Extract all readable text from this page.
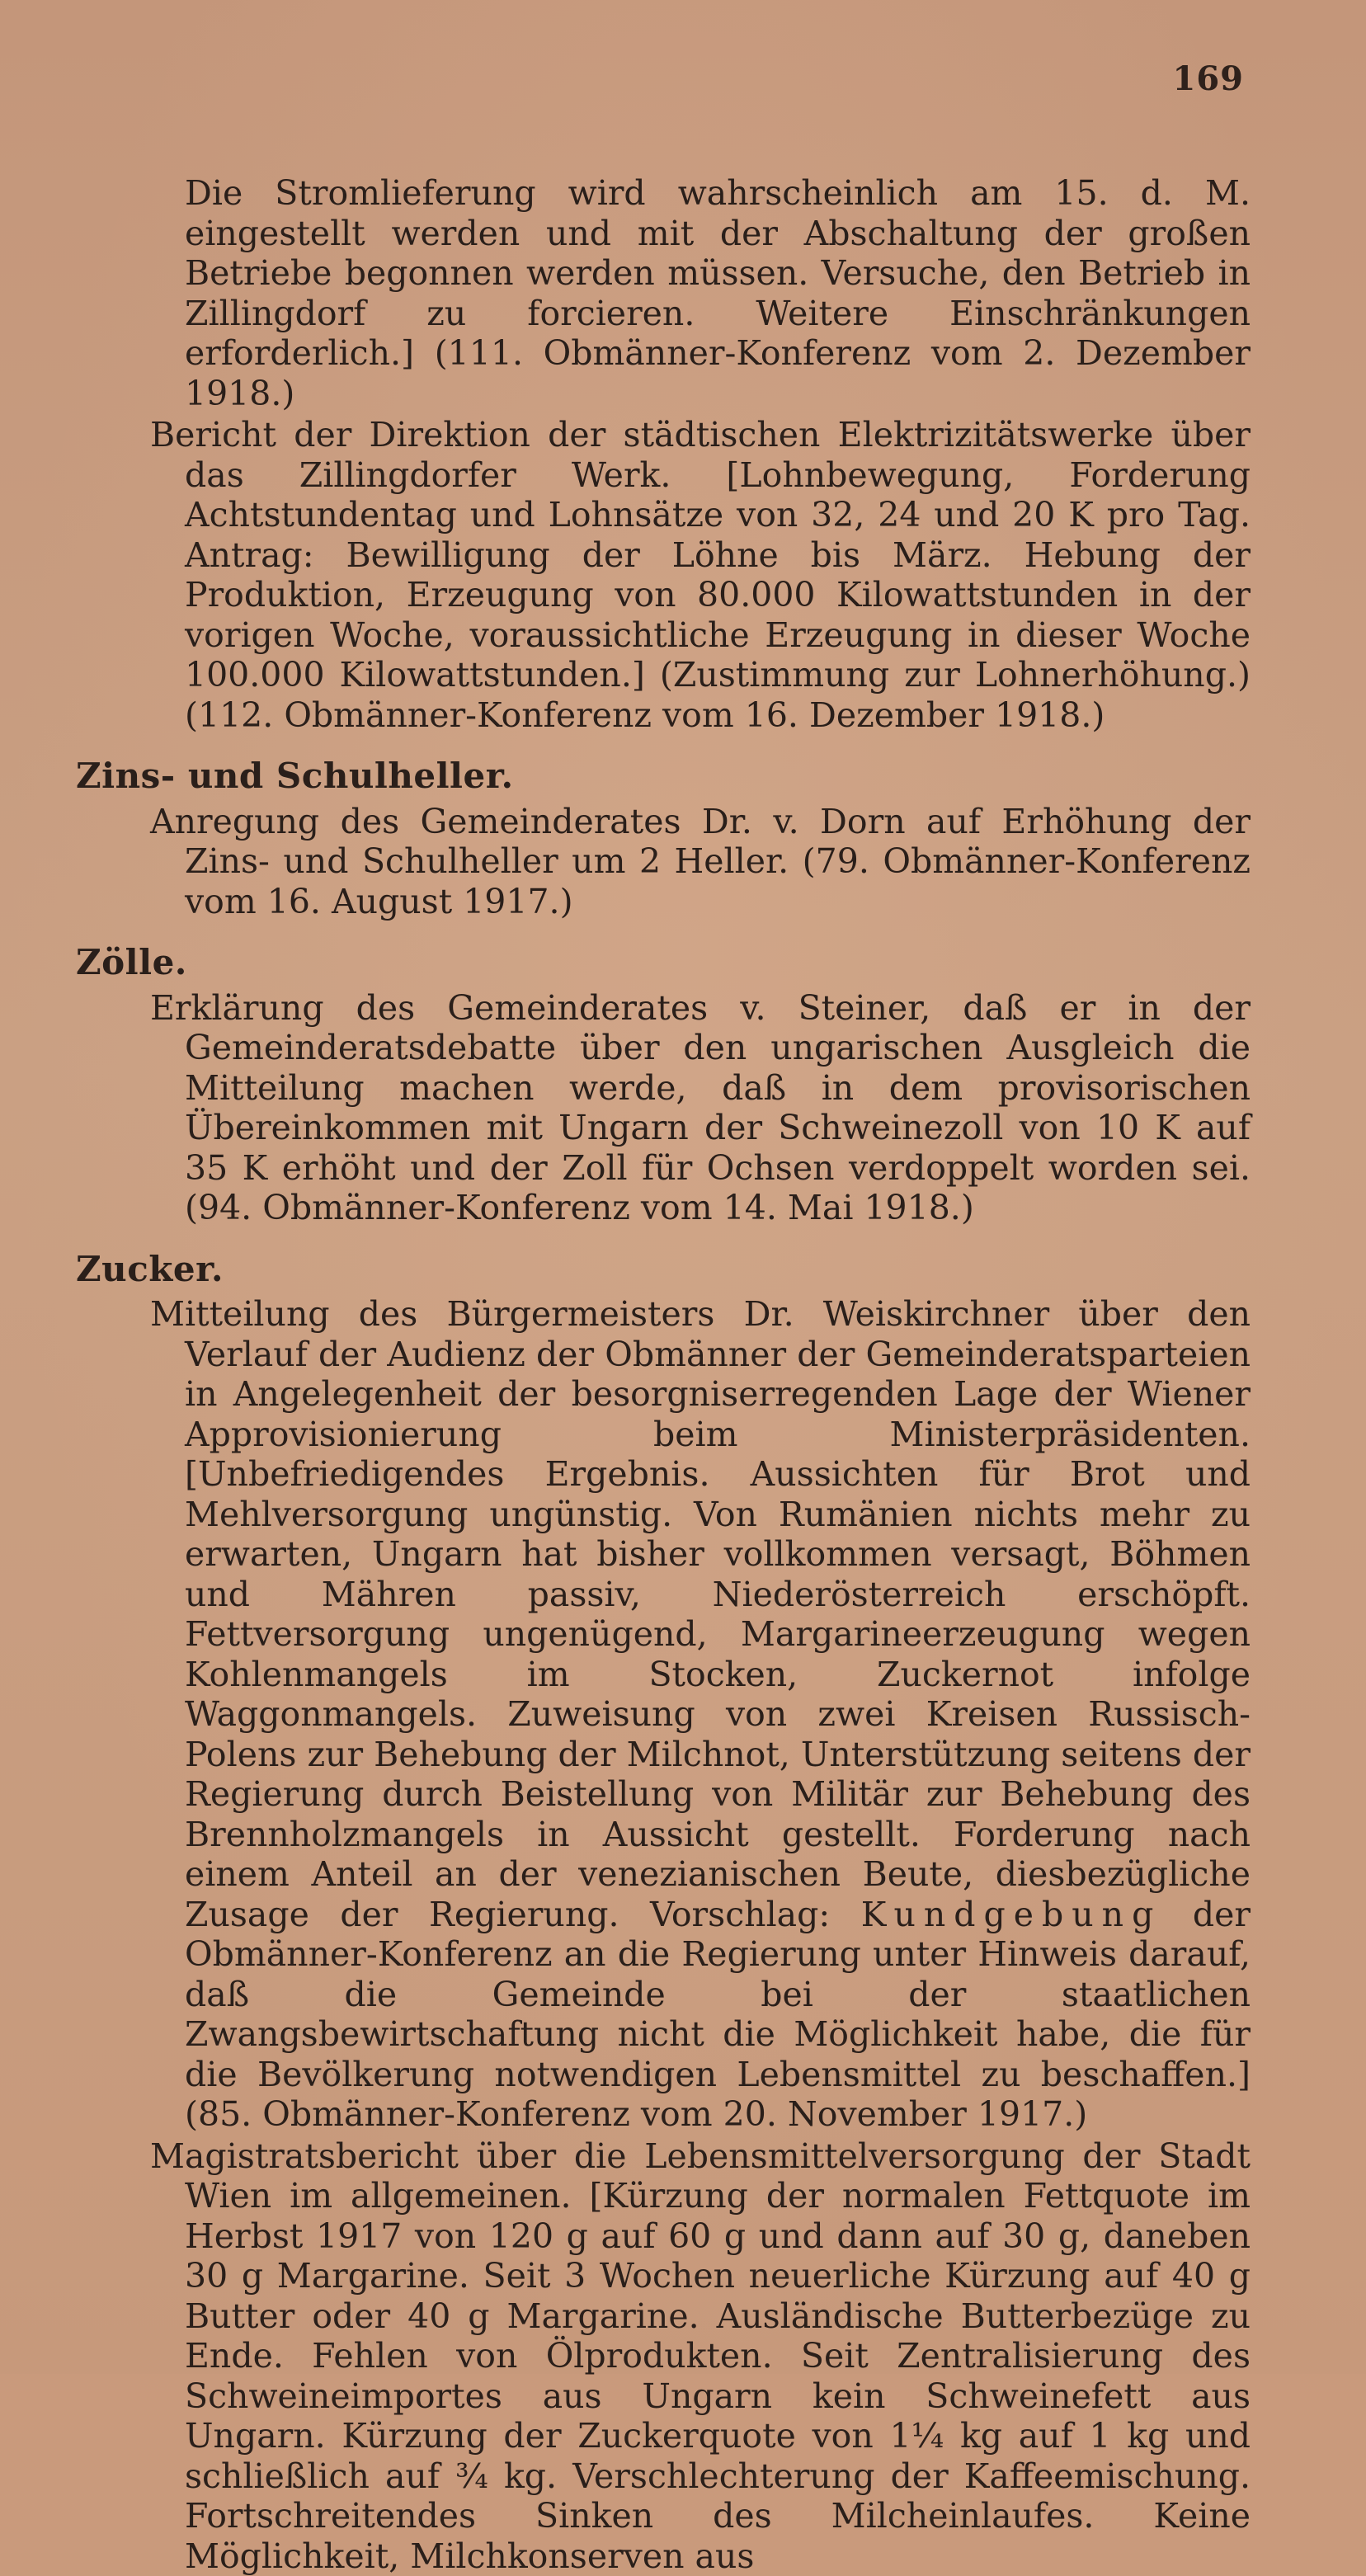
169

Die Stromlieferung wird wahrscheinlich am 15. d. M. eingestellt werden und mit der Abschaltung der großen Betriebe begonnen werden müssen. Versuche, den Betrieb in Zillingdorf zu forcieren. Weitere Einschränkungen erforderlich.] (111. Obmänner-Konferenz vom 2. Dezember 1918.)

Bericht der Direktion der städtischen Elektrizitätswerke über das Zillingdorfer Werk. [Lohnbewegung, Forderung Achtstundentag und Lohnsätze von 32, 24 und 20 K pro Tag. Antrag: Bewilligung der Löhne bis März. Hebung der Produktion, Erzeugung von 80.000 Kilowattstunden in der vorigen Woche, voraussichtliche Erzeugung in dieser Woche 100.000 Kilowattstunden.] (Zustimmung zur Lohnerhöhung.) (112. Obmänner-Konferenz vom 16. Dezember 1918.)

Zins- und Schulheller.

Anregung des Gemeinderates Dr. v. Dorn auf Erhöhung der Zins- und Schulheller um 2 Heller. (79. Obmänner-Konferenz vom 16. August 1917.)

Zölle.

Erklärung des Gemeinderates v. Steiner, daß er in der Gemeinderatsdebatte über den ungarischen Ausgleich die Mitteilung machen werde, daß in dem provisorischen Übereinkommen mit Ungarn der Schweinezoll von 10 K auf 35 K erhöht und der Zoll für Ochsen verdoppelt worden sei. (94. Obmänner-Konferenz vom 14. Mai 1918.)

Zucker.

Mitteilung des Bürgermeisters Dr. Weiskirchner über den Verlauf der Audienz der Obmänner der Gemeinderatsparteien in Angelegenheit der besorgniserregenden Lage der Wiener Approvisionierung beim Ministerpräsidenten. [Unbefriedigendes Ergebnis. Aussichten für Brot und Mehlversorgung ungünstig. Von Rumänien nichts mehr zu erwarten, Ungarn hat bisher vollkommen versagt, Böhmen und Mähren passiv, Niederösterreich erschöpft. Fettversorgung ungenügend, Margarineerzeugung wegen Kohlenmangels im Stocken, Zuckernot infolge Waggonmangels. Zuweisung von zwei Kreisen Russisch-Polens zur Behebung der Milchnot, Unterstützung seitens der Regierung durch Beistellung von Militär zur Behebung des Brennholzmangels in Aussicht gestellt. Forderung nach einem Anteil an der venezianischen Beute, diesbezügliche Zusage der Regierung. Vorschlag: Kundgebung der Obmänner-Konferenz an die Regierung unter Hinweis darauf, daß die Gemeinde bei der staatlichen Zwangsbewirtschaftung nicht die Möglichkeit habe, die für die Bevölkerung notwendigen Lebensmittel zu beschaffen.] (85. Obmänner-Konferenz vom 20. November 1917.)

Magistratsbericht über die Lebensmittelversorgung der Stadt Wien im allgemeinen. [Kürzung der normalen Fettquote im Herbst 1917 von 120 g auf 60 g und dann auf 30 g, daneben 30 g Margarine. Seit 3 Wochen neuerliche Kürzung auf 40 g Butter oder 40 g Margarine. Ausländische Butterbezüge zu Ende. Fehlen von Ölprodukten. Seit Zentralisierung des Schweineimportes aus Ungarn kein Schweinefett aus Ungarn. Kürzung der Zuckerquote von 1¼ kg auf 1 kg und schließlich auf ¾ kg. Verschlechterung der Kaffeemischung. Fortschreitendes Sinken des Milcheinlaufes. Keine Möglichkeit, Milchkonserven aus
